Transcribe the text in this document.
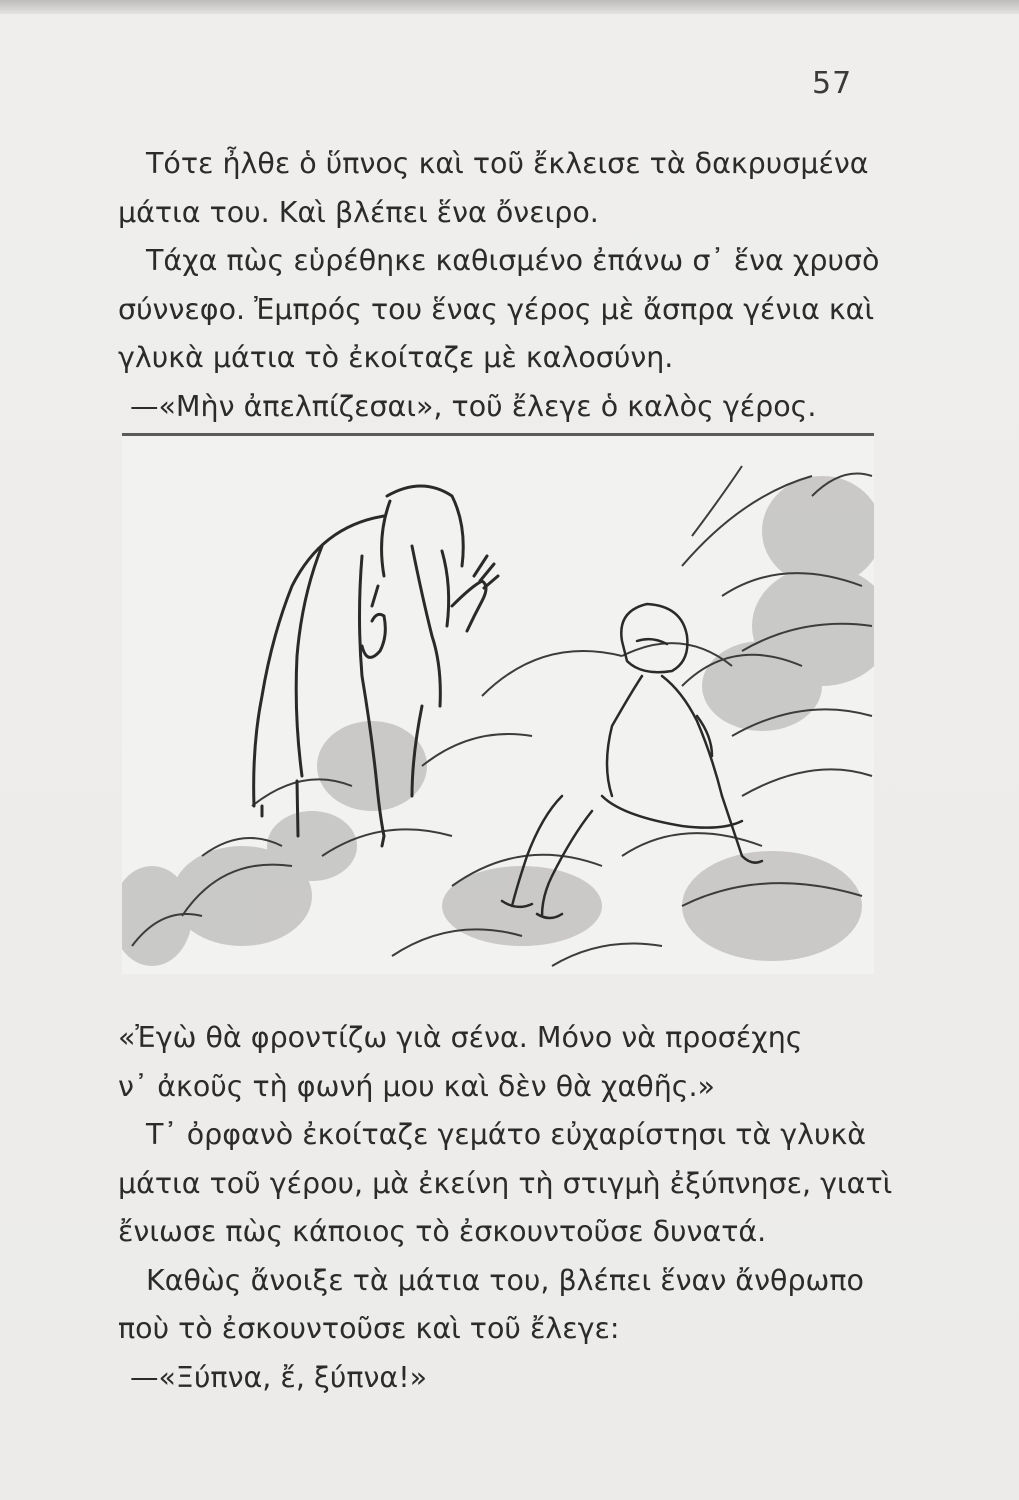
57

Τότε ἦλθε ὁ ὕπνος καὶ τοῦ ἔκλεισε τὰ δακρυσμένα

μάτια του. Καὶ βλέπει ἕνα ὄνειρο.

Τάχα πὼς εὑρέθηκε καθισμένο ἐπάνω σ᾽ ἕνα χρυσὸ

σύννεφο. Ἐμπρός του ἕνας γέρος μὲ ἄσπρα γένια καὶ

γλυκὰ μάτια τὸ ἐκοίταζε μὲ καλοσύνη.

—«Μὴν ἀπελπίζεσαι», τοῦ ἔλεγε ὁ καλὸς γέρος.

«Ἐγὼ θὰ φροντίζω γιὰ σένα. Μόνο νὰ προσέχης

ν᾽ ἀκοῦς τὴ φωνή μου καὶ δὲν θὰ χαθῆς.»

Τ᾽ ὀρφανὸ ἐκοίταζε γεμάτο εὐχαρίστησι τὰ γλυκὰ

μάτια τοῦ γέρου, μὰ ἐκείνη τὴ στιγμὴ ἐξύπνησε, γιατὶ

ἔνιωσε πὼς κάποιος τὸ ἐσκουντοῦσε δυνατά.

Καθὼς ἄνοιξε τὰ μάτια του, βλέπει ἕναν ἄνθρωπο

ποὺ τὸ ἐσκουντοῦσε καὶ τοῦ ἔλεγε:

—«Ξύπνα, ἔ, ξύπνα!»
